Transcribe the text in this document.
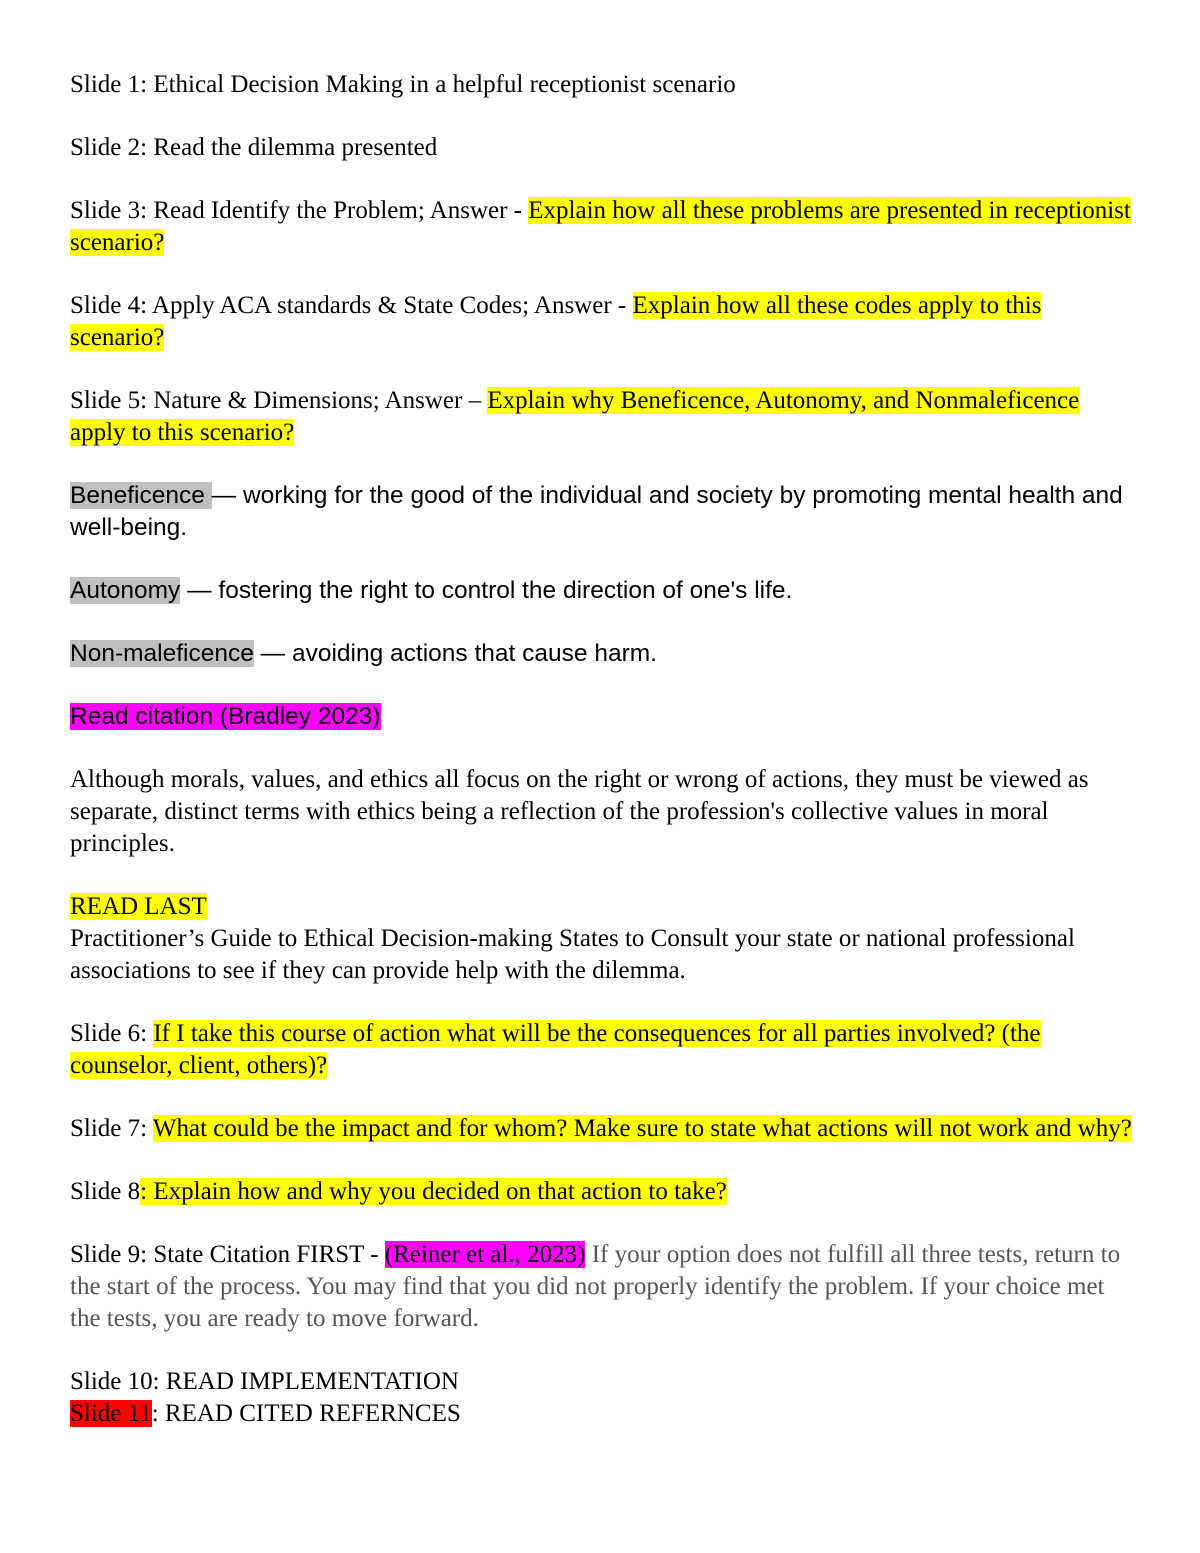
Slide 1: Ethical Decision Making in a helpful receptionist scenario

Slide 2: Read the dilemma presented

Slide 3: Read Identify the Problem; Answer - Explain how all these problems are presented in receptionist scenario?

Slide 4: Apply ACA standards & State Codes; Answer - Explain how all these codes apply to this scenario?

Slide 5: Nature & Dimensions; Answer – Explain why Beneficence, Autonomy, and Nonmaleficence apply to this scenario?

Beneficence — working for the good of the individual and society by promoting mental health and well-being.

Autonomy — fostering the right to control the direction of one's life.

Non-maleficence — avoiding actions that cause harm.

Read citation (Bradley 2023)

Although morals, values, and ethics all focus on the right or wrong of actions, they must be viewed as separate, distinct terms with ethics being a reflection of the profession's collective values in moral principles.

READ LAST

Practitioner’s Guide to Ethical Decision-making States to Consult your state or national professional associations to see if they can provide help with the dilemma.

Slide 6: If I take this course of action what will be the consequences for all parties involved? (the counselor, client, others)?

Slide 7: What could be the impact and for whom? Make sure to state what actions will not work and why?

Slide 8: Explain how and why you decided on that action to take?

Slide 9: State Citation FIRST - (Reiner et al., 2023) If your option does not fulfill all three tests, return to the start of the process. You may find that you did not properly identify the problem. If your choice met the tests, you are ready to move forward.

Slide 10: READ IMPLEMENTATION

Slide 11: READ CITED REFERNCES
